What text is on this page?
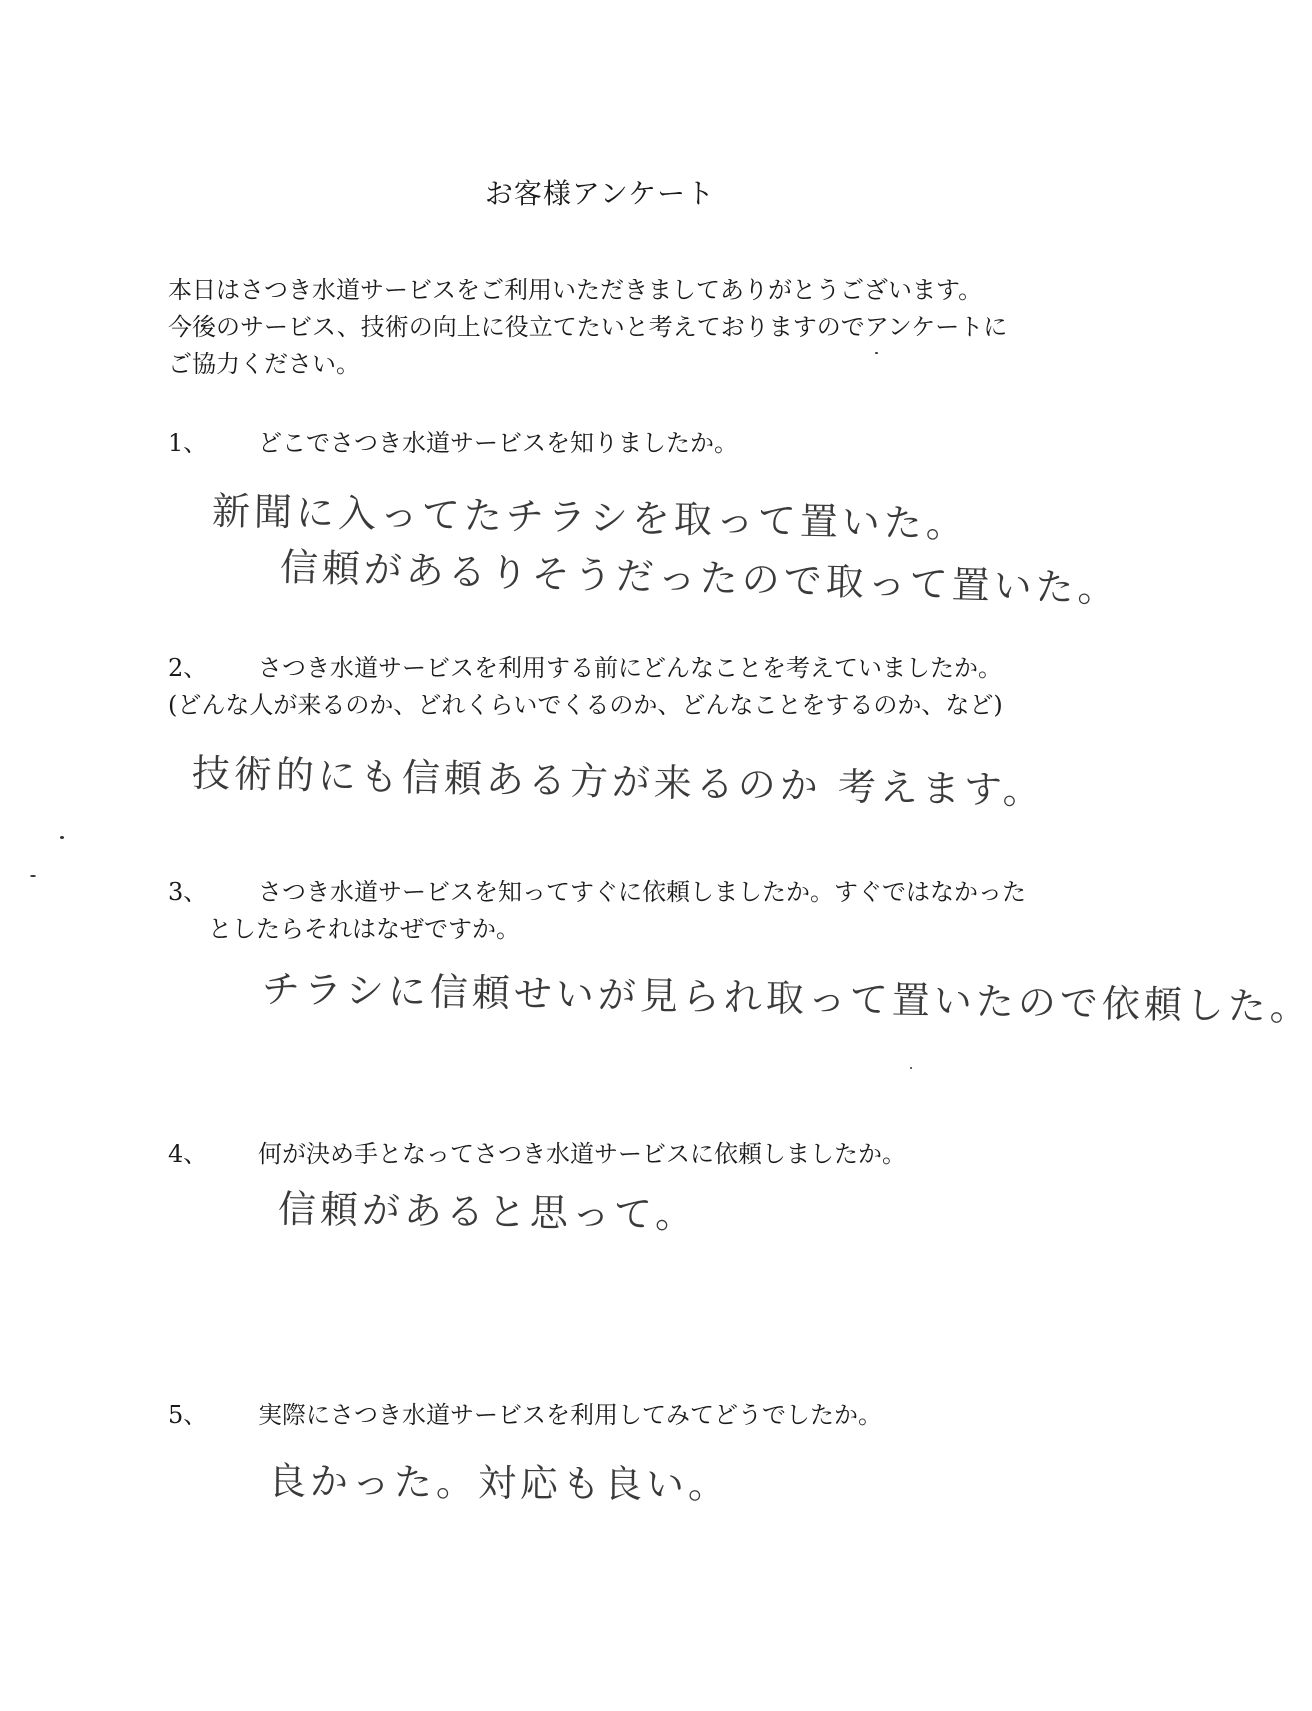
お客様アンケート
本日はさつき水道サービスをご利用いただきましてありがとうございます。
今後のサービス、技術の向上に役立てたいと考えておりますのでアンケートに
ご協力ください。
1、 どこでさつき水道サービスを知りましたか。
新聞に入ってたチラシを取って置いた。
信頼があるりそうだったので取って置いた。
2、 さつき水道サービスを利用する前にどんなことを考えていましたか。
(どんな人が来るのか、どれくらいでくるのか、どんなことをするのか、など)
技術的にも信頼ある方が来るのか 考えます。
3、 さつき水道サービスを知ってすぐに依頼しましたか。すぐではなかった
としたらそれはなぜですか。
チラシに信頼せいが見られ取って置いたので依頼した。
4、 何が決め手となってさつき水道サービスに依頼しましたか。
信頼があると思って。
5、 実際にさつき水道サービスを利用してみてどうでしたか。
良かった。対応も良い。
